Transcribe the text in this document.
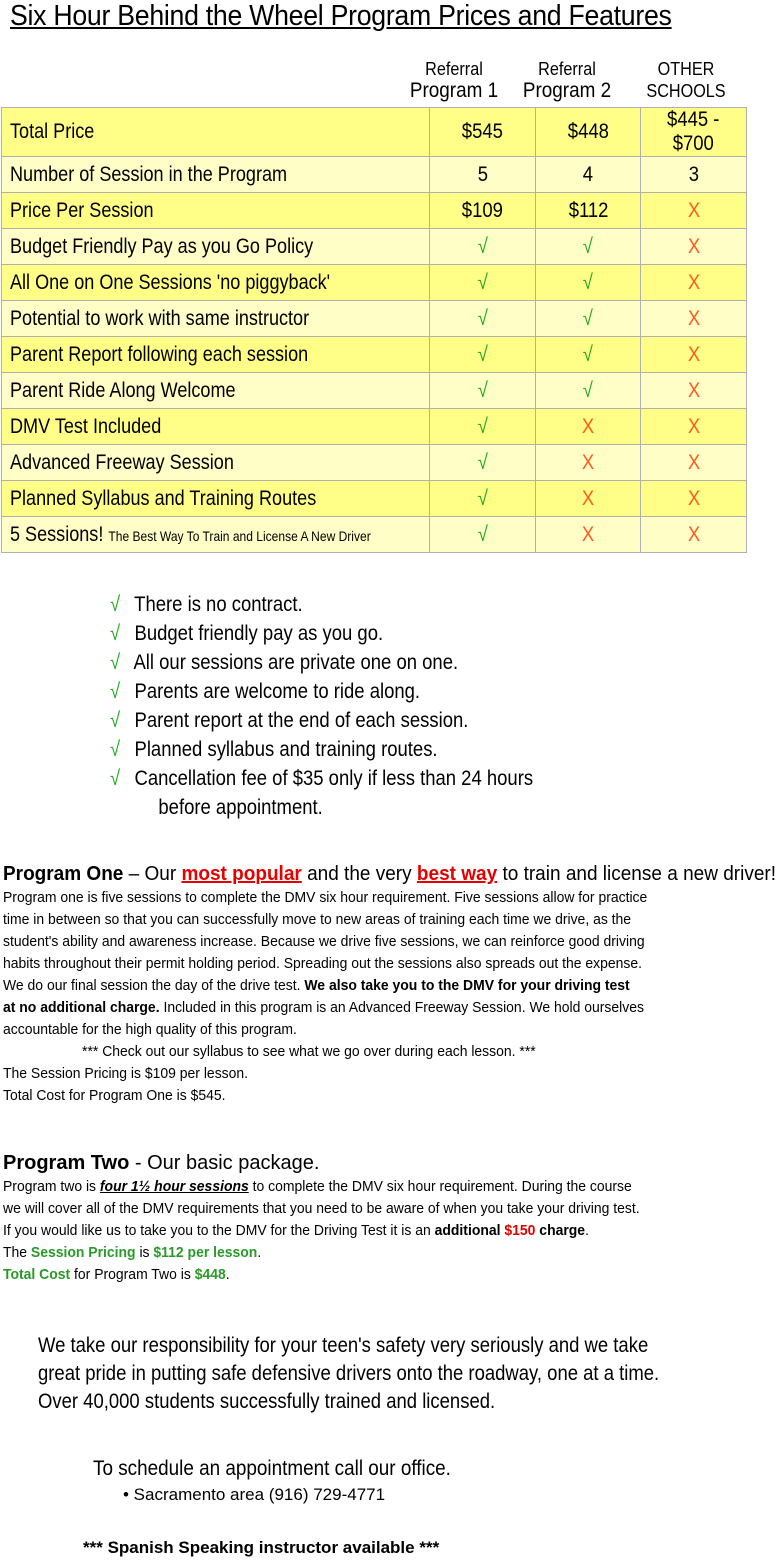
Six Hour Behind the Wheel Program Prices and Features
Referral
Program 1
Referral
Program 2
OTHER
SCHOOLS
Total Price	$545	$448	$445 - $700
Number of Session in the Program	5	4	3
Price Per Session	$109	$112	X
Budget Friendly Pay as you Go Policy	√	√	X
All One on One Sessions 'no piggyback'	√	√	X
Potential to work with same instructor	√	√	X
Parent Report following each session	√	√	X
Parent Ride Along Welcome	√	√	X
DMV Test Included	√	X	X
Advanced Freeway Session	√	X	X
Planned Syllabus and Training Routes	√	X	X
5 Sessions! The Best Way To Train and License A New Driver	√	X	X
√ There is no contract.
√ Budget friendly pay as you go.
√ All our sessions are private one on one.
√ Parents are welcome to ride along.
√ Parent report at the end of each session.
√ Planned syllabus and training routes.
√ Cancellation fee of $35 only if less than 24 hours
before appointment.
Program One – Our most popular and the very best way to train and license a new driver!
Program one is five sessions to complete the DMV six hour requirement. Five sessions allow for practice
time in between so that you can successfully move to new areas of training each time we drive, as the
student's ability and awareness increase. Because we drive five sessions, we can reinforce good driving
habits throughout their permit holding period. Spreading out the sessions also spreads out the expense.
We do our final session the day of the drive test. We also take you to the DMV for your driving test
at no additional charge. Included in this program is an Advanced Freeway Session. We hold ourselves
accountable for the high quality of this program.
*** Check out our syllabus to see what we go over during each lesson. ***
The Session Pricing is $109 per lesson.
Total Cost for Program One is $545.
Program Two - Our basic package.
Program two is four 1½ hour sessions to complete the DMV six hour requirement. During the course
we will cover all of the DMV requirements that you need to be aware of when you take your driving test.
If you would like us to take you to the DMV for the Driving Test it is an additional $150 charge.
The Session Pricing is $112 per lesson.
Total Cost for Program Two is $448.
We take our responsibility for your teen's safety very seriously and we take
great pride in putting safe defensive drivers onto the roadway, one at a time.
Over 40,000 students successfully trained and licensed.
To schedule an appointment call our office.
• Sacramento area (916) 729-4771
*** Spanish Speaking instructor available ***
